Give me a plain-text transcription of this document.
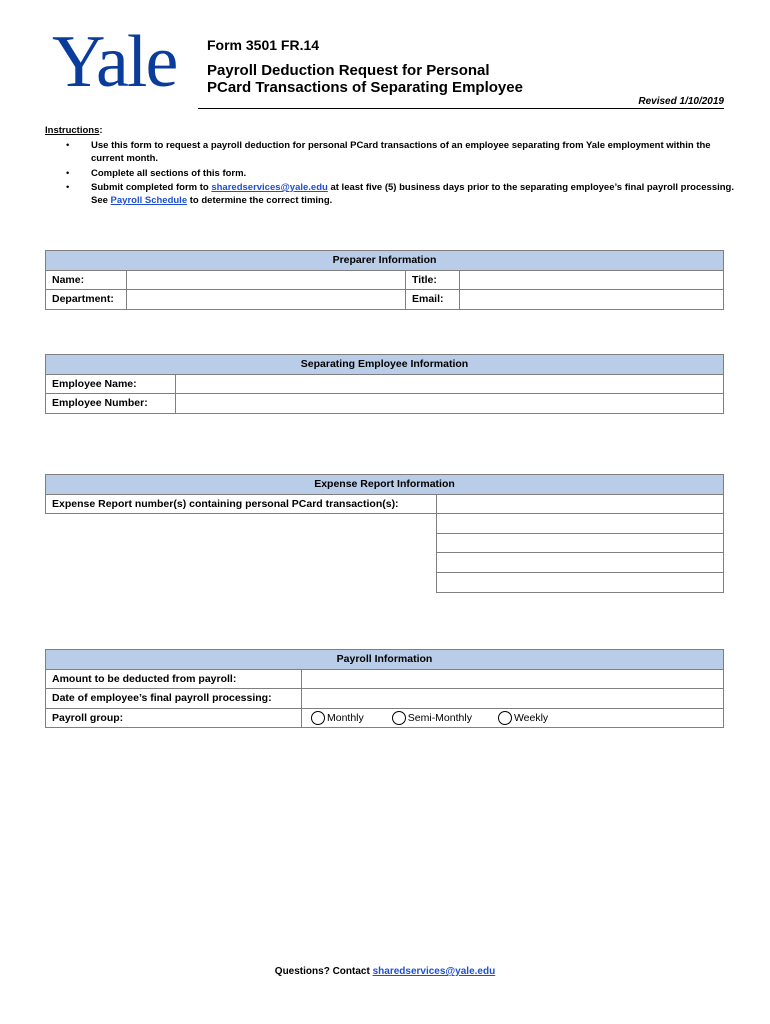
Yale Form 3501 FR.14
Payroll Deduction Request for Personal
PCard Transactions of Separating Employee
Revised 1/10/2019
Instructions:
• Use this form to request a payroll deduction for personal PCard transactions of an employee separating from Yale employment within the current month.
• Complete all sections of this form.
• Submit completed form to sharedservices@yale.edu at least five (5) business days prior to the separating employee’s final payroll processing. See Payroll Schedule to determine the correct timing.
Preparer Information			
Name:		Title:	
Department:		Email:	
Separating Employee Information	
Employee Name:	
Employee Number:	
Expense Report Information	
Expense Report number(s) containing personal PCard transaction(s):	

Payroll Information	
Amount to be deducted from payroll:	
Date of employee’s final payroll processing:	
Payroll group:	Monthly Semi-Monthly Weekly
Questions? Contact sharedservices@yale.edu
